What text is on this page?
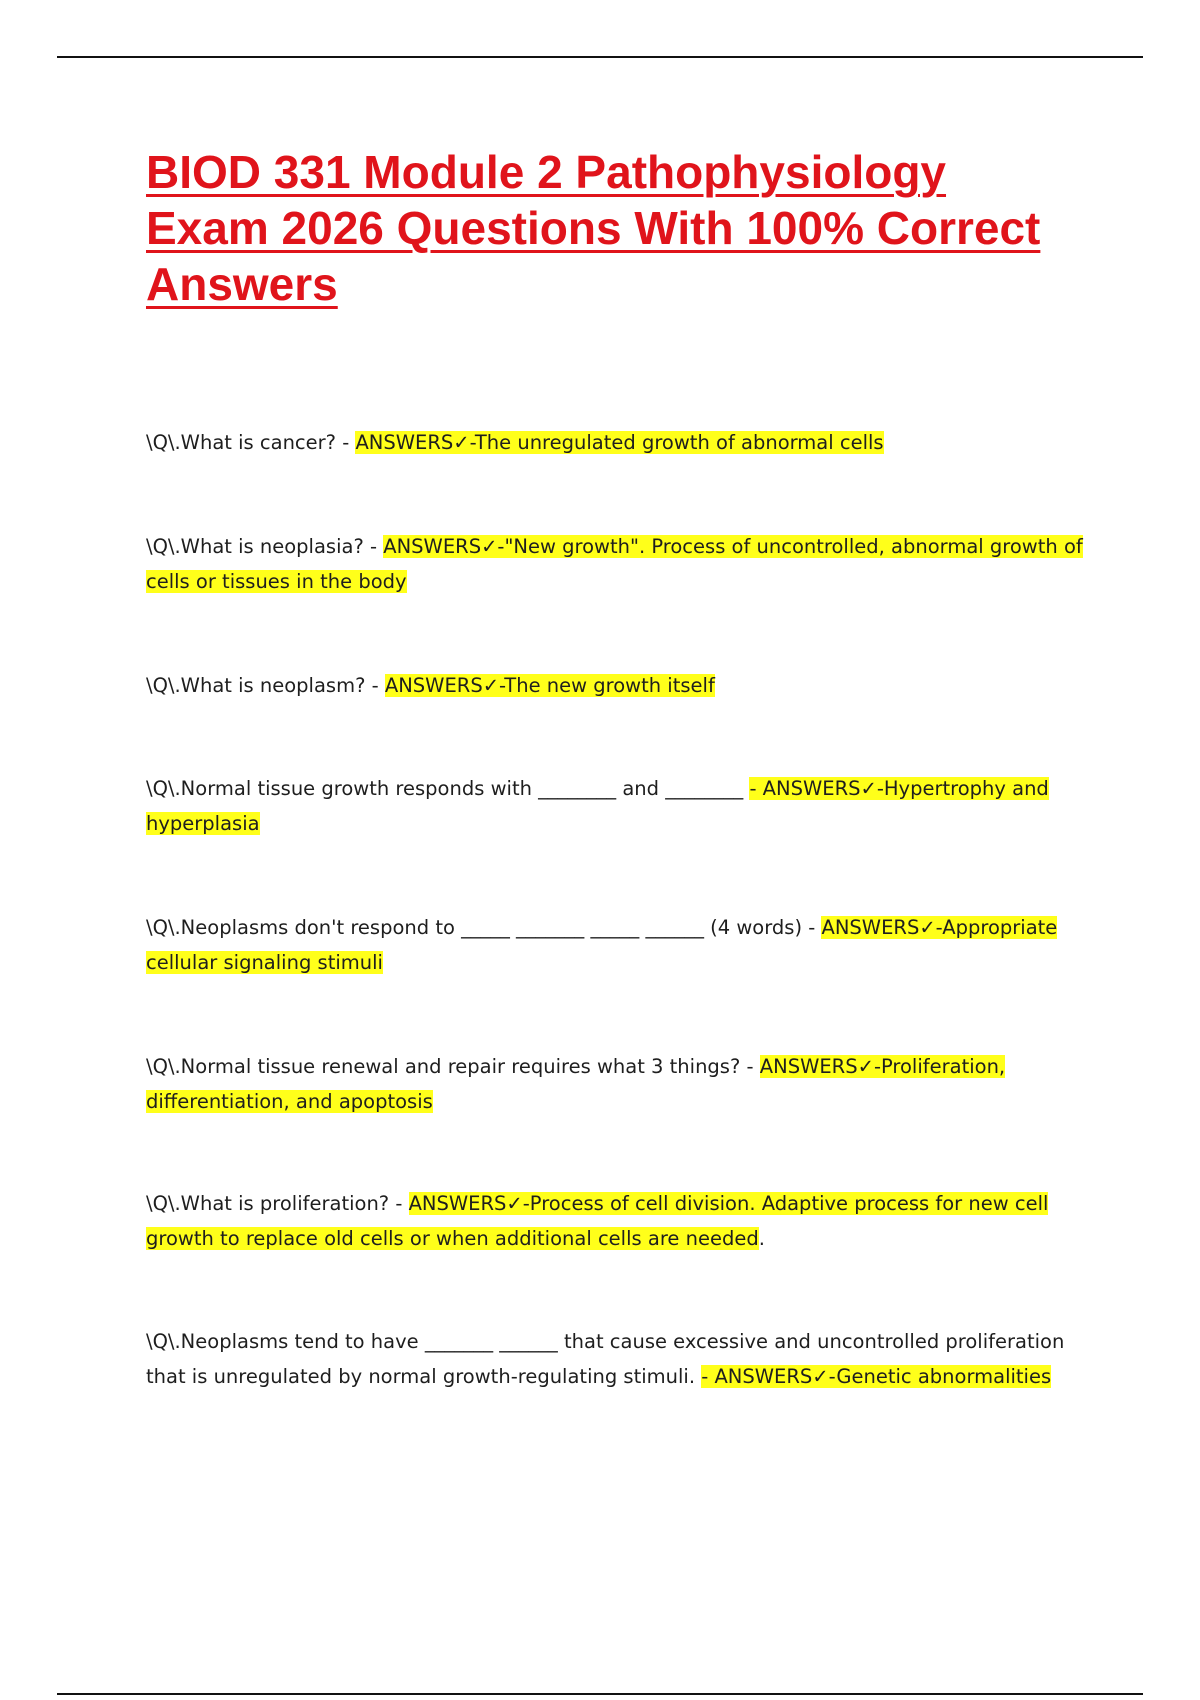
BIOD 331 Module 2 Pathophysiology Exam 2026 Questions With 100% Correct Answers

\Q\.What is cancer? - ANSWERS✓-The unregulated growth of abnormal cells

\Q\.What is neoplasia? - ANSWERS✓-"New growth". Process of uncontrolled, abnormal growth of cells or tissues in the body

\Q\.What is neoplasm? - ANSWERS✓-The new growth itself

\Q\.Normal tissue growth responds with ________ and ________ - ANSWERS✓-Hypertrophy and hyperplasia

\Q\.Neoplasms don't respond to _____ _______ _____ ______ (4 words) - ANSWERS✓-Appropriate cellular signaling stimuli

\Q\.Normal tissue renewal and repair requires what 3 things? - ANSWERS✓-Proliferation, differentiation, and apoptosis

\Q\.What is proliferation? - ANSWERS✓-Process of cell division. Adaptive process for new cell growth to replace old cells or when additional cells are needed.

\Q\.Neoplasms tend to have _______ ______ that cause excessive and uncontrolled proliferation that is unregulated by normal growth-regulating stimuli. - ANSWERS✓-Genetic abnormalities
